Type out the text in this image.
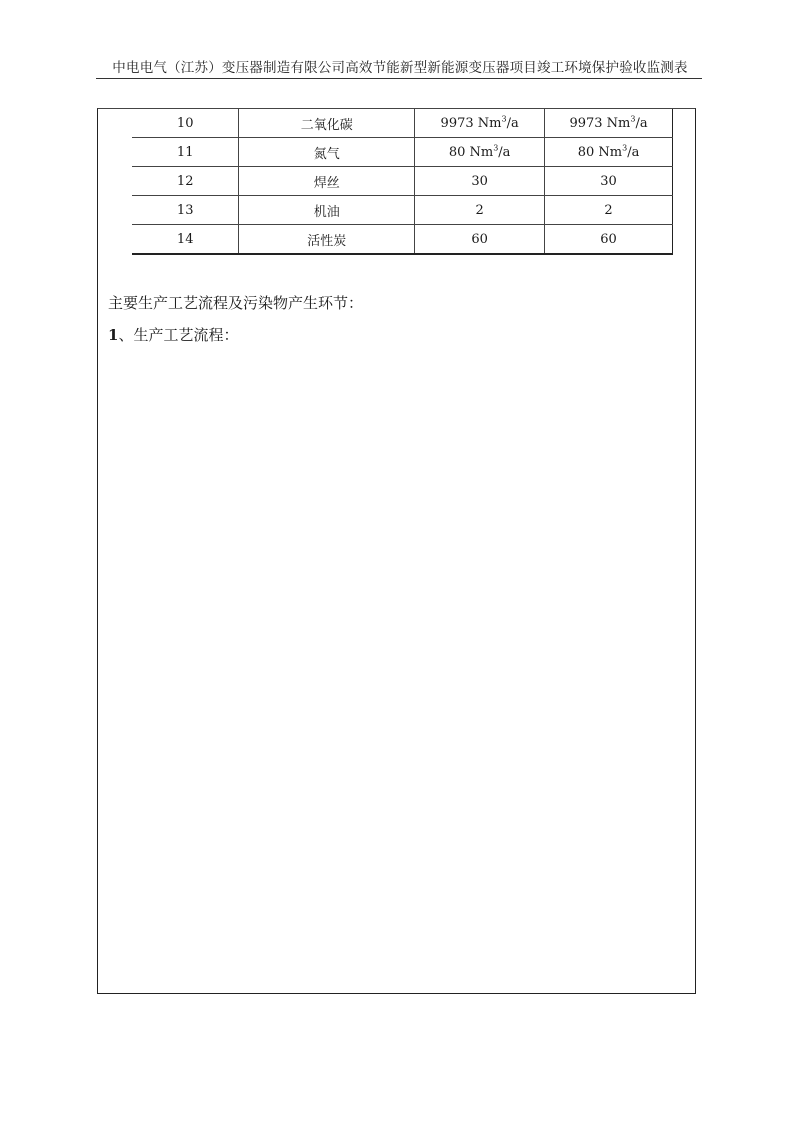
中电电气（江苏）变压器制造有限公司高效节能新型新能源变压器项目竣工环境保护验收监测表
10	二氧化碳	9973 Nm$^3$/a	9973 Nm$^3$/a
11	氮气	80 Nm$^3$/a	80 Nm$^3$/a
12	焊丝	30	30
13	机油	2	2
14	活性炭	60	60
主要生产工艺流程及污染物产生环节：
1、生产工艺流程：
